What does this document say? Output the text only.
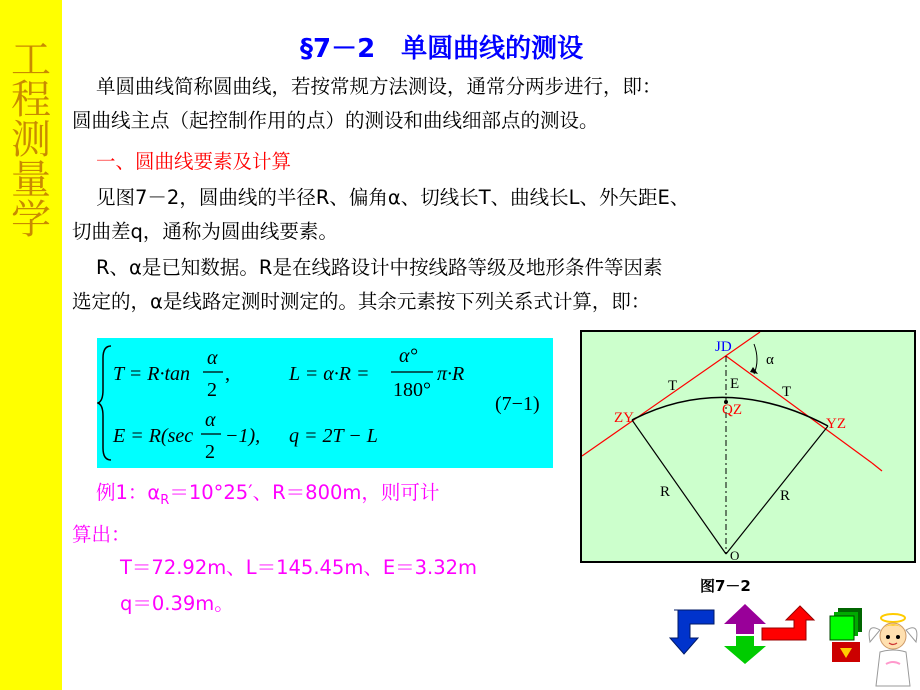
工
程
测
量
学
§7－2　单圆曲线的测设
单圆曲线简称圆曲线，若按常规方法测设，通常分两步进行，即：
圆曲线主点（起控制作用的点）的测设和曲线细部点的测设。
一、圆曲线要素及计算
见图7－2，圆曲线的半径R、偏角α、切线长T、曲线长L、外矢距E、
切曲差q，通称为圆曲线要素。
R、α是已知数据。R是在线路设计中按线路等级及地形条件等因素
选定的，α是线路定测时测定的。其余元素按下列关系式计算，即：
T = R·tan
α
2
,	L = α·R =
α°
180°
π·R
(7−1)
E = R(sec
α
2
−1), q = 2T − L
例1：$\alpha_R=10^\circ 25'$、R＝800m，则可计
算出：
T＝72.92m、L＝145.45m、E＝3.32m
q＝0.39m。
JD
α
T	T
E
QZ
ZY	YZ
R	R
O
图7－2
